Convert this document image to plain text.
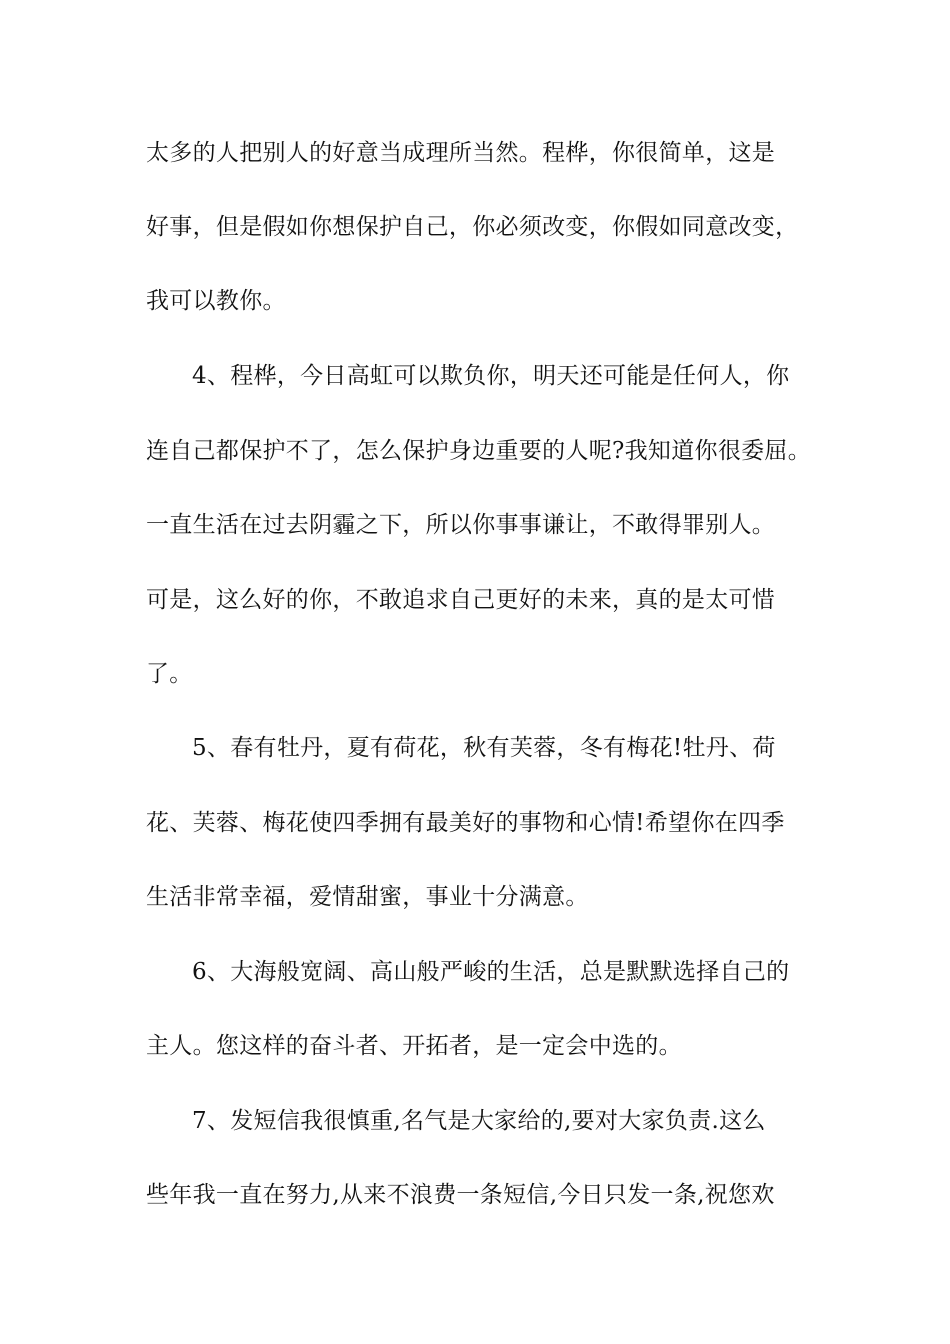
太多的人把别人的好意当成理所当然。程桦，你很简单，这是
好事，但是假如你想保护自己，你必须改变，你假如同意改变，
我可以教你。
4、程桦，今日高虹可以欺负你，明天还可能是任何人，你
连自己都保护不了，怎么保护身边重要的人呢?我知道你很委屈。
一直生活在过去阴霾之下，所以你事事谦让，不敢得罪别人。
可是，这么好的你，不敢追求自己更好的未来，真的是太可惜
了。
5、春有牡丹，夏有荷花，秋有芙蓉，冬有梅花!牡丹、荷
花、芙蓉、梅花使四季拥有最美好的事物和心情!希望你在四季
生活非常幸福，爱情甜蜜，事业十分满意。
6、大海般宽阔、高山般严峻的生活，总是默默选择自己的
主人。您这样的奋斗者、开拓者，是一定会中选的。
7、发短信我很慎重,名气是大家给的,要对大家负责.这么
些年我一直在努力,从来不浪费一条短信,今日只发一条,祝您欢
